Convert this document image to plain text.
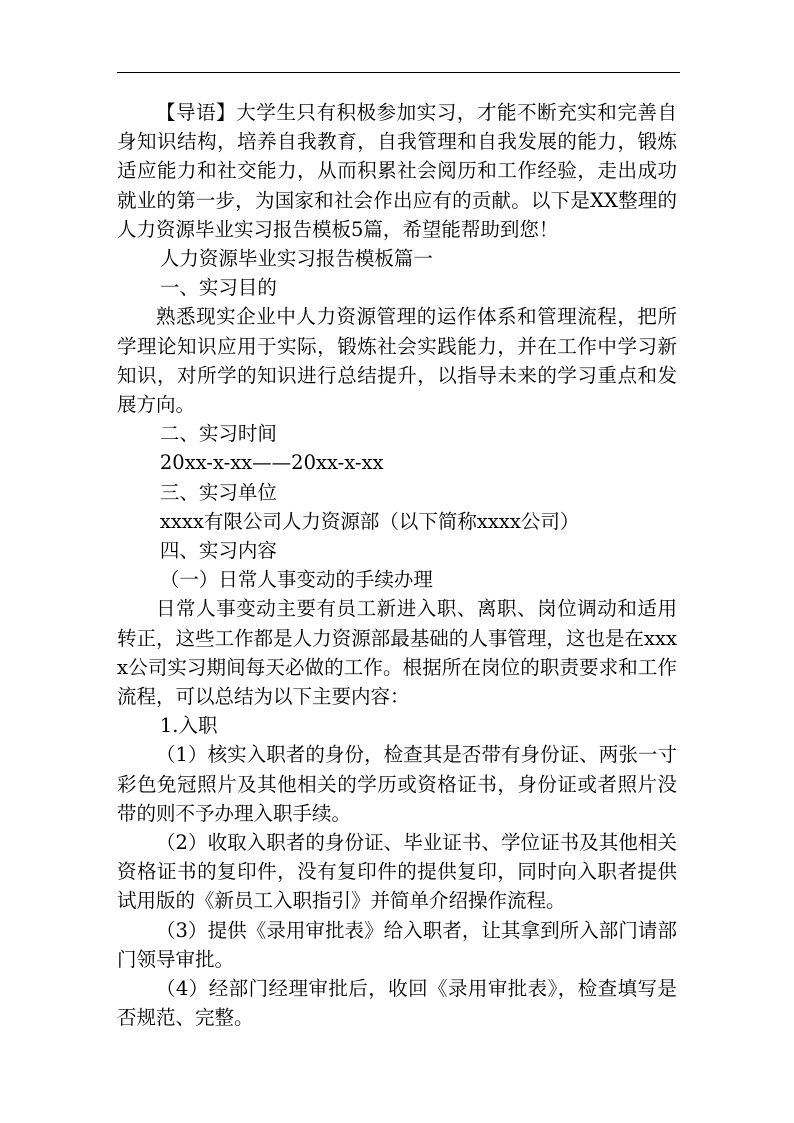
【导语】大学生只有积极参加实习，才能不断充实和完善自身知识结构，培养自我教育，自我管理和自我发展的能力，锻炼适应能力和社交能力，从而积累社会阅历和工作经验，走出成功就业的第一步，为国家和社会作出应有的贡献。以下是XX整理的人力资源毕业实习报告模板5篇，希望能帮助到您！

人力资源毕业实习报告模板篇一

一、实习目的

熟悉现实企业中人力资源管理的运作体系和管理流程，把所学理论知识应用于实际，锻炼社会实践能力，并在工作中学习新知识，对所学的知识进行总结提升，以指导未来的学习重点和发展方向。

二、实习时间

20xx-x-xx——20xx-x-xx

三、实习单位

xxxx有限公司人力资源部（以下简称xxxx公司）

四、实习内容

（一）日常人事变动的手续办理

日常人事变动主要有员工新进入职、离职、岗位调动和适用转正，这些工作都是人力资源部最基础的人事管理，这也是在xxxx公司实习期间每天必做的工作。根据所在岗位的职责要求和工作流程，可以总结为以下主要内容：

1.入职

（1）核实入职者的身份，检查其是否带有身份证、两张一寸彩色免冠照片及其他相关的学历或资格证书，身份证或者照片没带的则不予办理入职手续。

（2）收取入职者的身份证、毕业证书、学位证书及其他相关资格证书的复印件，没有复印件的提供复印，同时向入职者提供试用版的《新员工入职指引》并简单介绍操作流程。

（3）提供《录用审批表》给入职者，让其拿到所入部门请部门领导审批。

（4）经部门经理审批后，收回《录用审批表》，检查填写是否规范、完整。
